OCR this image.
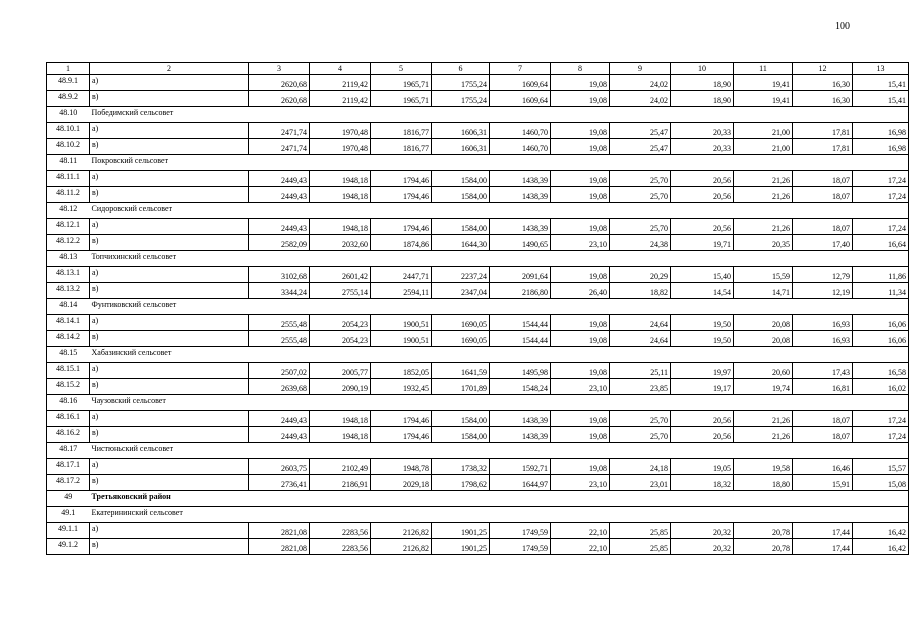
100
1	2	3	4	5	6	7	8	9	10	11	12	13
48.9.1	а)	2620,68	2119,42	1965,71	1755,24	1609,64	19,08	24,02	18,90	19,41	16,30	15,41
48.9.2	в)	2620,68	2119,42	1965,71	1755,24	1609,64	19,08	24,02	18,90	19,41	16,30	15,41
48.10	Победимский сельсовет											
48.10.1	а)	2471,74	1970,48	1816,77	1606,31	1460,70	19,08	25,47	20,33	21,00	17,81	16,98
48.10.2	в)	2471,74	1970,48	1816,77	1606,31	1460,70	19,08	25,47	20,33	21,00	17,81	16,98
48.11	Покровский сельсовет											
48.11.1	а)	2449,43	1948,18	1794,46	1584,00	1438,39	19,08	25,70	20,56	21,26	18,07	17,24
48.11.2	в)	2449,43	1948,18	1794,46	1584,00	1438,39	19,08	25,70	20,56	21,26	18,07	17,24
48.12	Сидоровский сельсовет											
48.12.1	а)	2449,43	1948,18	1794,46	1584,00	1438,39	19,08	25,70	20,56	21,26	18,07	17,24
48.12.2	в)	2582,09	2032,60	1874,86	1644,30	1490,65	23,10	24,38	19,71	20,35	17,40	16,64
48.13	Топчихинский сельсовет											
48.13.1	а)	3102,68	2601,42	2447,71	2237,24	2091,64	19,08	20,29	15,40	15,59	12,79	11,86
48.13.2	в)	3344,24	2755,14	2594,11	2347,04	2186,80	26,40	18,82	14,54	14,71	12,19	11,34
48.14	Фунтиковский сельсовет											
48.14.1	а)	2555,48	2054,23	1900,51	1690,05	1544,44	19,08	24,64	19,50	20,08	16,93	16,06
48.14.2	в)	2555,48	2054,23	1900,51	1690,05	1544,44	19,08	24,64	19,50	20,08	16,93	16,06
48.15	Хабазинский сельсовет											
48.15.1	а)	2507,02	2005,77	1852,05	1641,59	1495,98	19,08	25,11	19,97	20,60	17,43	16,58
48.15.2	в)	2639,68	2090,19	1932,45	1701,89	1548,24	23,10	23,85	19,17	19,74	16,81	16,02
48.16	Чаузовский сельсовет											
48.16.1	а)	2449,43	1948,18	1794,46	1584,00	1438,39	19,08	25,70	20,56	21,26	18,07	17,24
48.16.2	в)	2449,43	1948,18	1794,46	1584,00	1438,39	19,08	25,70	20,56	21,26	18,07	17,24
48.17	Чистюньский сельсовет											
48.17.1	а)	2603,75	2102,49	1948,78	1738,32	1592,71	19,08	24,18	19,05	19,58	16,46	15,57
48.17.2	в)	2736,41	2186,91	2029,18	1798,62	1644,97	23,10	23,01	18,32	18,80	15,91	15,08
49	Третьяковский район											
49.1	Екатерининский сельсовет											
49.1.1	а)	2821,08	2283,56	2126,82	1901,25	1749,59	22,10	25,85	20,32	20,78	17,44	16,42
49.1.2	в)	2821,08	2283,56	2126,82	1901,25	1749,59	22,10	25,85	20,32	20,78	17,44	16,42
